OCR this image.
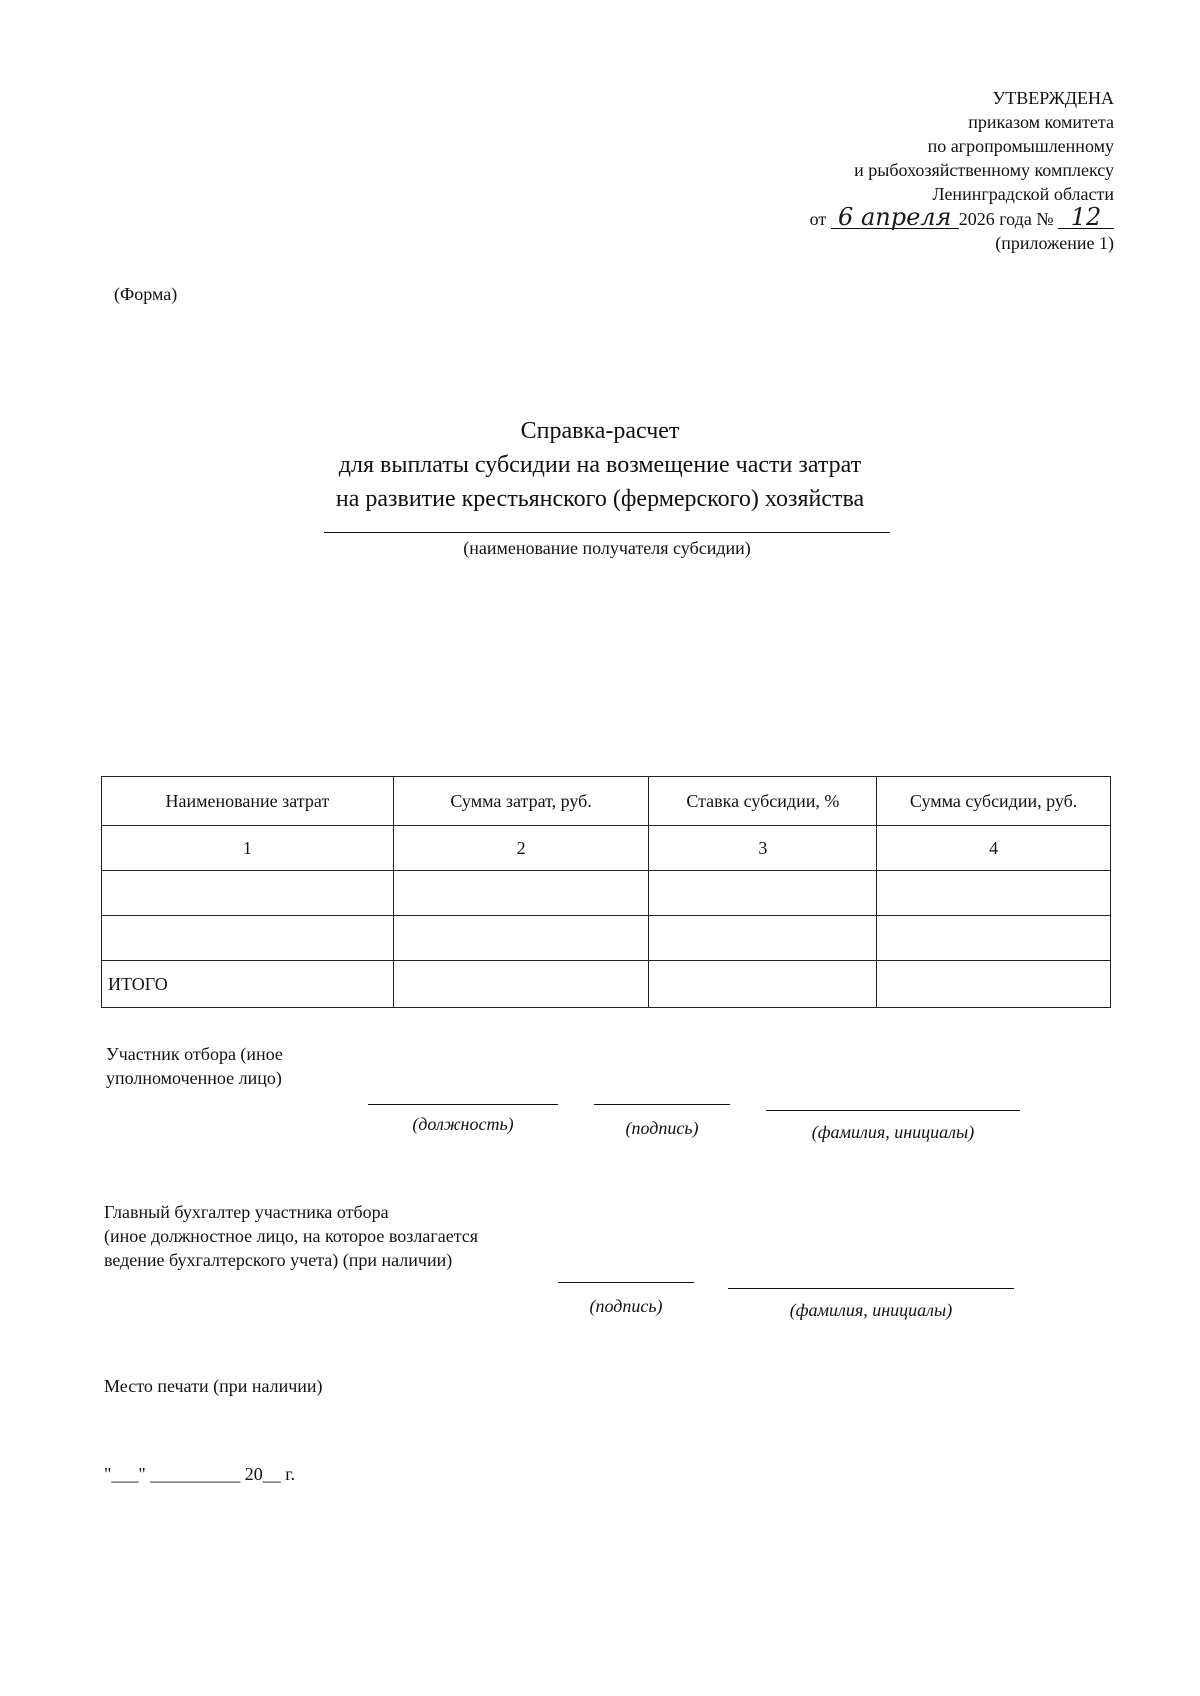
УТВЕРЖДЕНА
приказом комитета
по агропромышленному
и рыбохозяйственному комплексу
Ленинградской области
от 6 апреля 2026 года № 12
(приложение 1)
(Форма)
Справка-расчет
для выплаты субсидии на возмещение части затрат
на развитие крестьянского (фермерского) хозяйства
(наименование получателя субсидии)
Наименование затрат	Сумма затрат, руб.	Ставка субсидии, %	Сумма субсидии, руб.
1	2	3	4

ИТОГО			
Участник отбора (иное
уполномоченное лицо)
(должность)	(подпись)	(фамилия, инициалы)
Главный бухгалтер участника отбора
(иное должностное лицо, на которое возлагается
ведение бухгалтерского учета) (при наличии)
(подпись)	(фамилия, инициалы)
Место печати (при наличии)
"___" __________ 20__ г.
